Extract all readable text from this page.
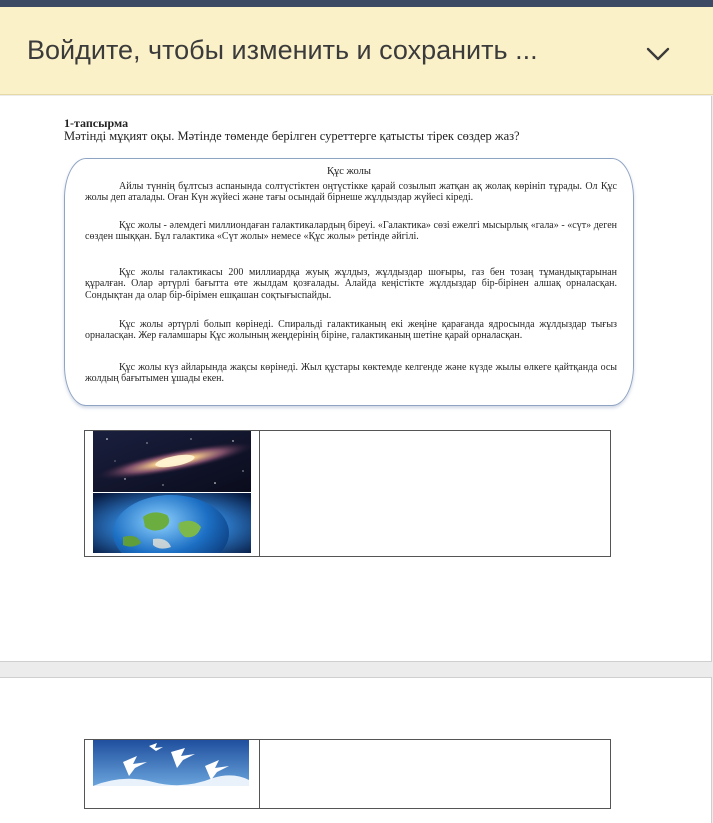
Войдите, чтобы изменить и сохранить ...
1-тапсырма
Мәтінді мұқият оқы. Мәтінде төменде берілген суреттерге қатысты тірек сөздер жаз?
Құс жолы

Айлы түннің бұлтсыз аспанында солтүстіктен оңтүстікке қарай созылып жатқан ақ жолақ көрініп тұрады. Ол Құс жолы деп аталады. Оған Күн жүйесі және тағы осындай бірнеше жұлдыздар жүйесі кіреді.

Құс жолы - әлемдегі миллиондаған галактикалардың біреуі. «Галактика» сөзі ежелгі мысырлық «гала» - «сүт» деген сөзден шыққан. Бұл галактика «Сүт жолы» немесе «Құс жолы» ретінде әйгілі.

Құс жолы галактикасы 200 миллиардқа жуық жұлдыз, жұлдыздар шоғыры, газ бен тозаң тұмандықтарынан құралған. Олар әртүрлі бағытта өте жылдам қозғалады. Алайда кеңістікте жұлдыздар бір-бірінен алшақ орналасқан. Сондықтан да олар бір-бірімен ешқашан соқтығыспайды.

Құс жолы әртүрлі болып көрінеді. Спиральді галактиканың екі жеңіне қарағанда ядросында жұлдыздар тығыз орналасқан. Жер ғаламшары Құс жолының жеңдерінің біріне, галактиканың шетіне қарай орналасқан.

Құс жолы күз айларында жақсы көрінеді. Жыл құстары көктемде келгенде және күзде жылы өлкеге қайтқанда осы жолдың бағытымен ұшады екен.
